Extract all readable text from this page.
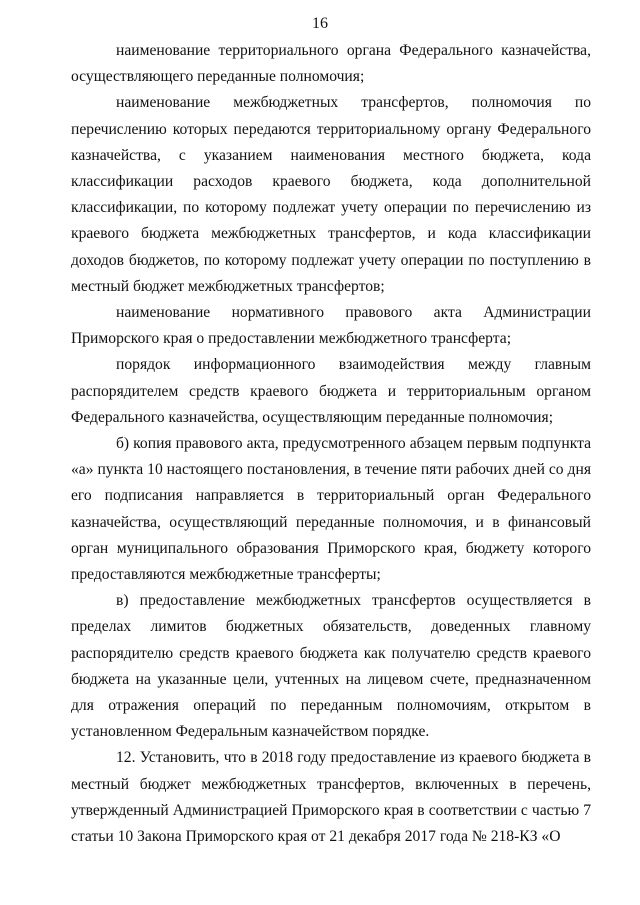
16

наименование территориального органа Федерального казначейства, осуществляющего переданные полномочия;

наименование межбюджетных трансфертов, полномочия по перечислению которых передаются территориальному органу Федерального казначейства, с указанием наименования местного бюджета, кода классификации расходов краевого бюджета, кода дополнительной классификации, по которому подлежат учету операции по перечислению из краевого бюджета межбюджетных трансфертов, и кода классификации доходов бюджетов, по которому подлежат учету операции по поступлению в местный бюджет межбюджетных трансфертов;

наименование нормативного правового акта Администрации Приморского края о предоставлении межбюджетного трансферта;

порядок информационного взаимодействия между главным распорядителем средств краевого бюджета и территориальным органом Федерального казначейства, осуществляющим переданные полномочия;

б) копия правового акта, предусмотренного абзацем первым подпункта «а» пункта 10 настоящего постановления, в течение пяти рабочих дней со дня его подписания направляется в территориальный орган Федерального казначейства, осуществляющий переданные полномочия, и в финансовый орган муниципального образования Приморского края, бюджету которого предоставляются межбюджетные трансферты;

в) предоставление межбюджетных трансфертов осуществляется в пределах лимитов бюджетных обязательств, доведенных главному распорядителю средств краевого бюджета как получателю средств краевого бюджета на указанные цели, учтенных на лицевом счете, предназначенном для отражения операций по переданным полномочиям, открытом в установленном Федеральным казначейством порядке.

12. Установить, что в 2018 году предоставление из краевого бюджета в местный бюджет межбюджетных трансфертов, включенных в перечень, утвержденный Администрацией Приморского края в соответствии с частью 7 статьи 10 Закона Приморского края от 21 декабря 2017 года № 218-КЗ «О
